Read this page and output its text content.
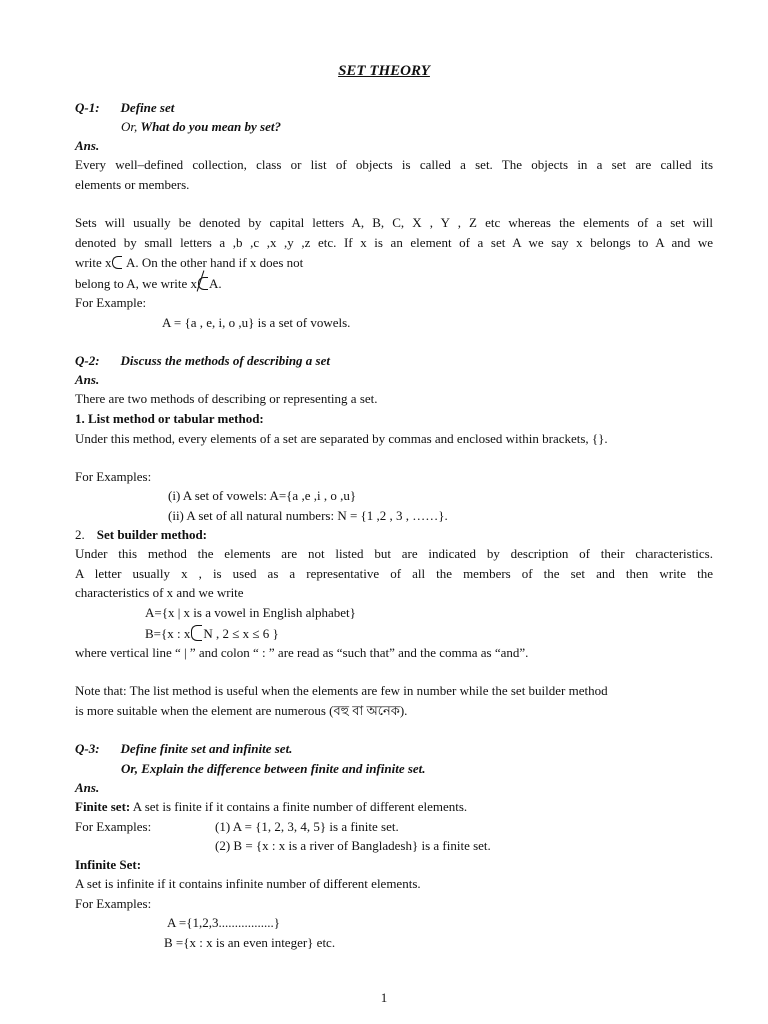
SET THEORY
Q-1: Define set
Or, What do you mean by set?
Ans.
Every well–defined collection, class or list of objects is called a set. The objects in a set are called its
elements or members.
Sets will usually be denoted by capital letters A, B, C, X , Y , Z etc whereas the elements of a set will
denoted by small letters a ,b ,c ,x ,y ,z etc. If x is an element of a set A we say x belongs to A and we
write x A. On the other hand if x does not
belong to A, we write x A.
For Example:
A = {a , e, i, o ,u} is a set of vowels.
Q-2: Discuss the methods of describing a set
Ans.
There are two methods of describing or representing a set.
1. List method or tabular method:
Under this method, every elements of a set are separated by commas and enclosed within brackets, {}.
For Examples:
(i) A set of vowels: A={a ,e ,i , o ,u}
(ii) A set of all natural numbers: N = {1 ,2 , 3 , ……}.
2. Set builder method:
Under this method the elements are not listed but are indicated by description of their characteristics.
A letter usually x , is used as a representative of all the members of the set and then write the
characteristics of x and we write
A={x | x is a vowel in English alphabet}
B={x : x N , 2 ≤ x ≤ 6 }
where vertical line “ | ” and colon “ : ” are read as “such that” and the comma as “and”.
Note that: The list method is useful when the elements are few in number while the set builder method
is more suitable when the element are numerous (বহু বা অনেক).
Q-3: Define finite set and infinite set.
Or, Explain the difference between finite and infinite set.
Ans.
Finite set: A set is finite if it contains a finite number of different elements.
For Examples:	(1) A = {1, 2, 3, 4, 5} is a finite set.
(2) B = {x : x is a river of Bangladesh} is a finite set.
Infinite Set:
A set is infinite if it contains infinite number of different elements.
For Examples:
A ={1,2,3.................}
B ={x : x is an even integer} etc.
1
